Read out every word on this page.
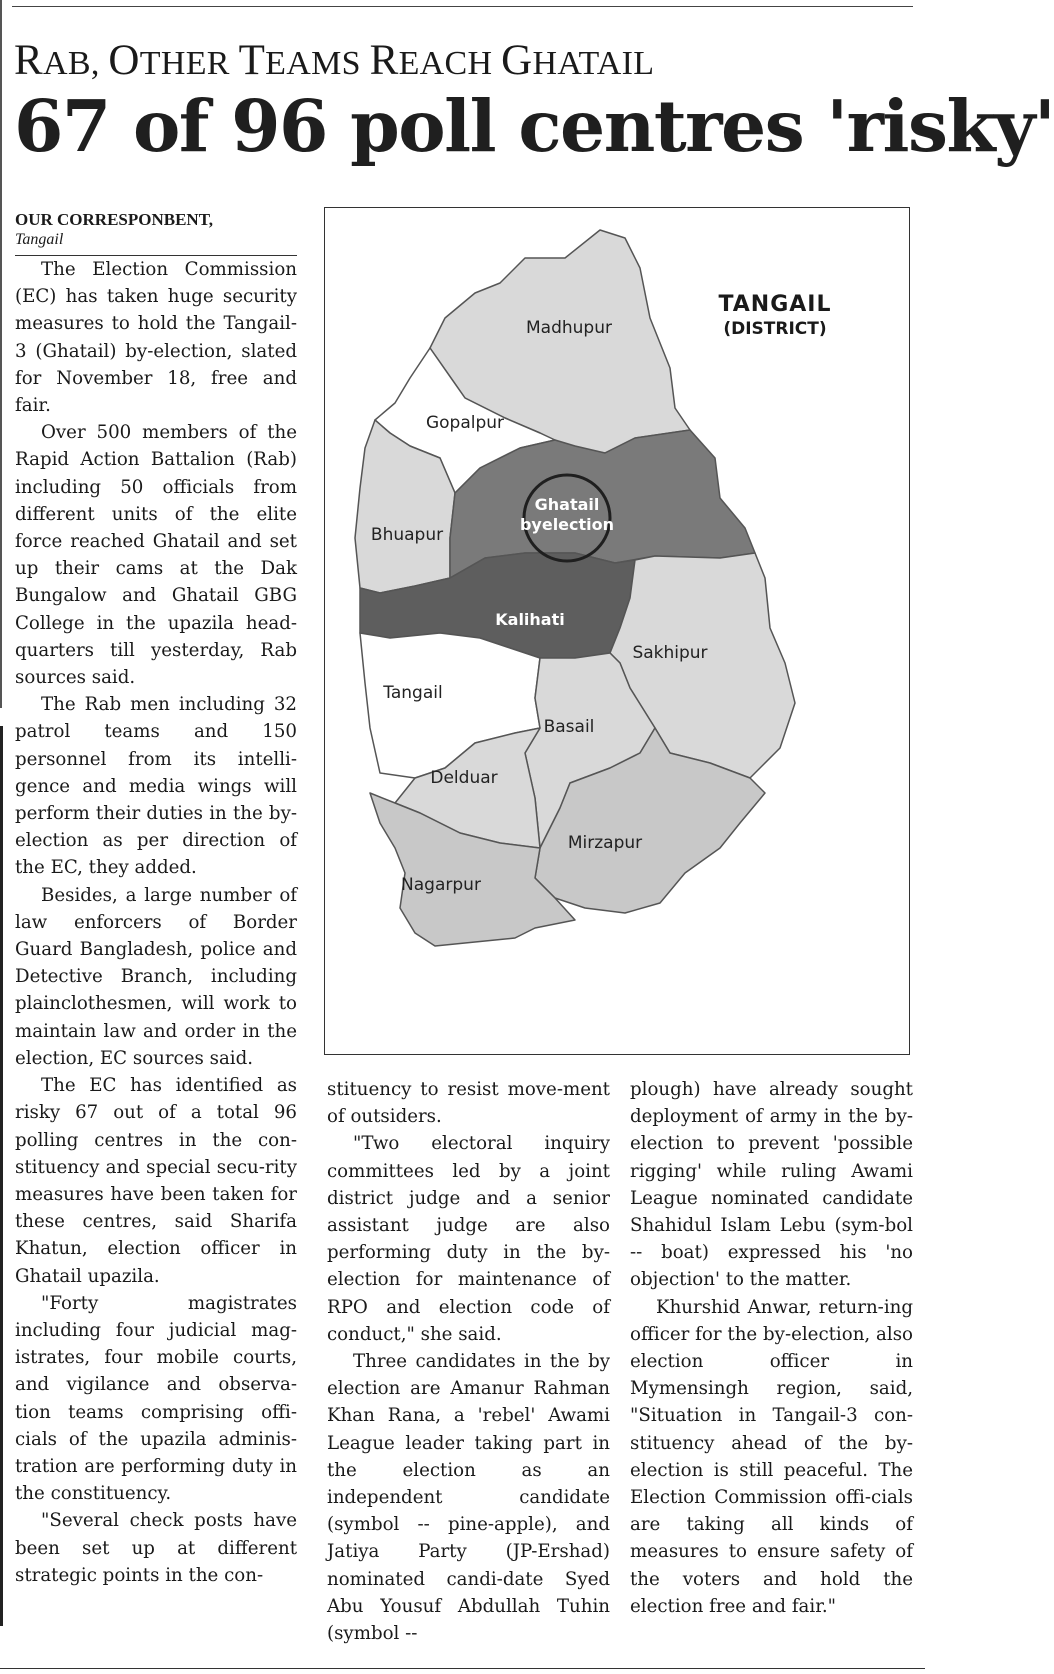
RAB, OTHER TEAMS REACH GHATAIL
67 of 96 poll centres 'risky'
OUR CORRESPONBENT,
Tangail

The Election Commission (EC) has taken huge security measures to hold the Tangail-3 (Ghatail) by-election, slated for November 18, free and fair.

Over 500 members of the Rapid Action Battalion (Rab) including 50 officials from different units of the elite force reached Ghatail and set up their cams at the Dak Bungalow and Ghatail GBG College in the upazila head-quarters till yesterday, Rab sources said.

The Rab men including 32 patrol teams and 150 personnel from its intelli-gence and media wings will perform their duties in the by-election as per direction of the EC, they added.

Besides, a large number of law enforcers of Border Guard Bangladesh, police and Detective Branch, including plainclothesmen, will work to maintain law and order in the election, EC sources said.

The EC has identified as risky 67 out of a total 96 polling centres in the con-stituency and special secu-rity measures have been taken for these centres, said Sharifa Khatun, election officer in Ghatail upazila.

"Forty magistrates including four judicial mag-istrates, four mobile courts, and vigilance and observa-tion teams comprising offi-cials of the upazila adminis-tration are performing duty in the constituency.

"Several check posts have been set up at different strategic points in the con-

TANGAIL
(DISTRICT)
Madhupur
Gopalpur
Bhuapur
Ghatail
byelection
Kalihati
Sakhipur
Tangail
Basail
Delduar
Mirzapur
Nagarpur

stituency to resist move-ment of outsiders.

"Two electoral inquiry committees led by a joint district judge and a senior assistant judge are also performing duty in the by-election for maintenance of RPO and election code of conduct," she said.

Three candidates in the by election are Amanur Rahman Khan Rana, a 'rebel' Awami League leader taking part in the election as an independent candidate (symbol -- pine-apple), and Jatiya Party (JP-Ershad) nominated candi-date Syed Abu Yousuf Abdullah Tuhin (symbol --

plough) have already sought deployment of army in the by-election to prevent 'possible rigging' while ruling Awami League nominated candidate Shahidul Islam Lebu (sym-bol -- boat) expressed his 'no objection' to the matter.

Khurshid Anwar, return-ing officer for the by-election, also election officer in Mymensingh region, said, "Situation in Tangail-3 con-stituency ahead of the by-election is still peaceful. The Election Commission offi-cials are taking all kinds of measures to ensure safety of the voters and hold the election free and fair."
